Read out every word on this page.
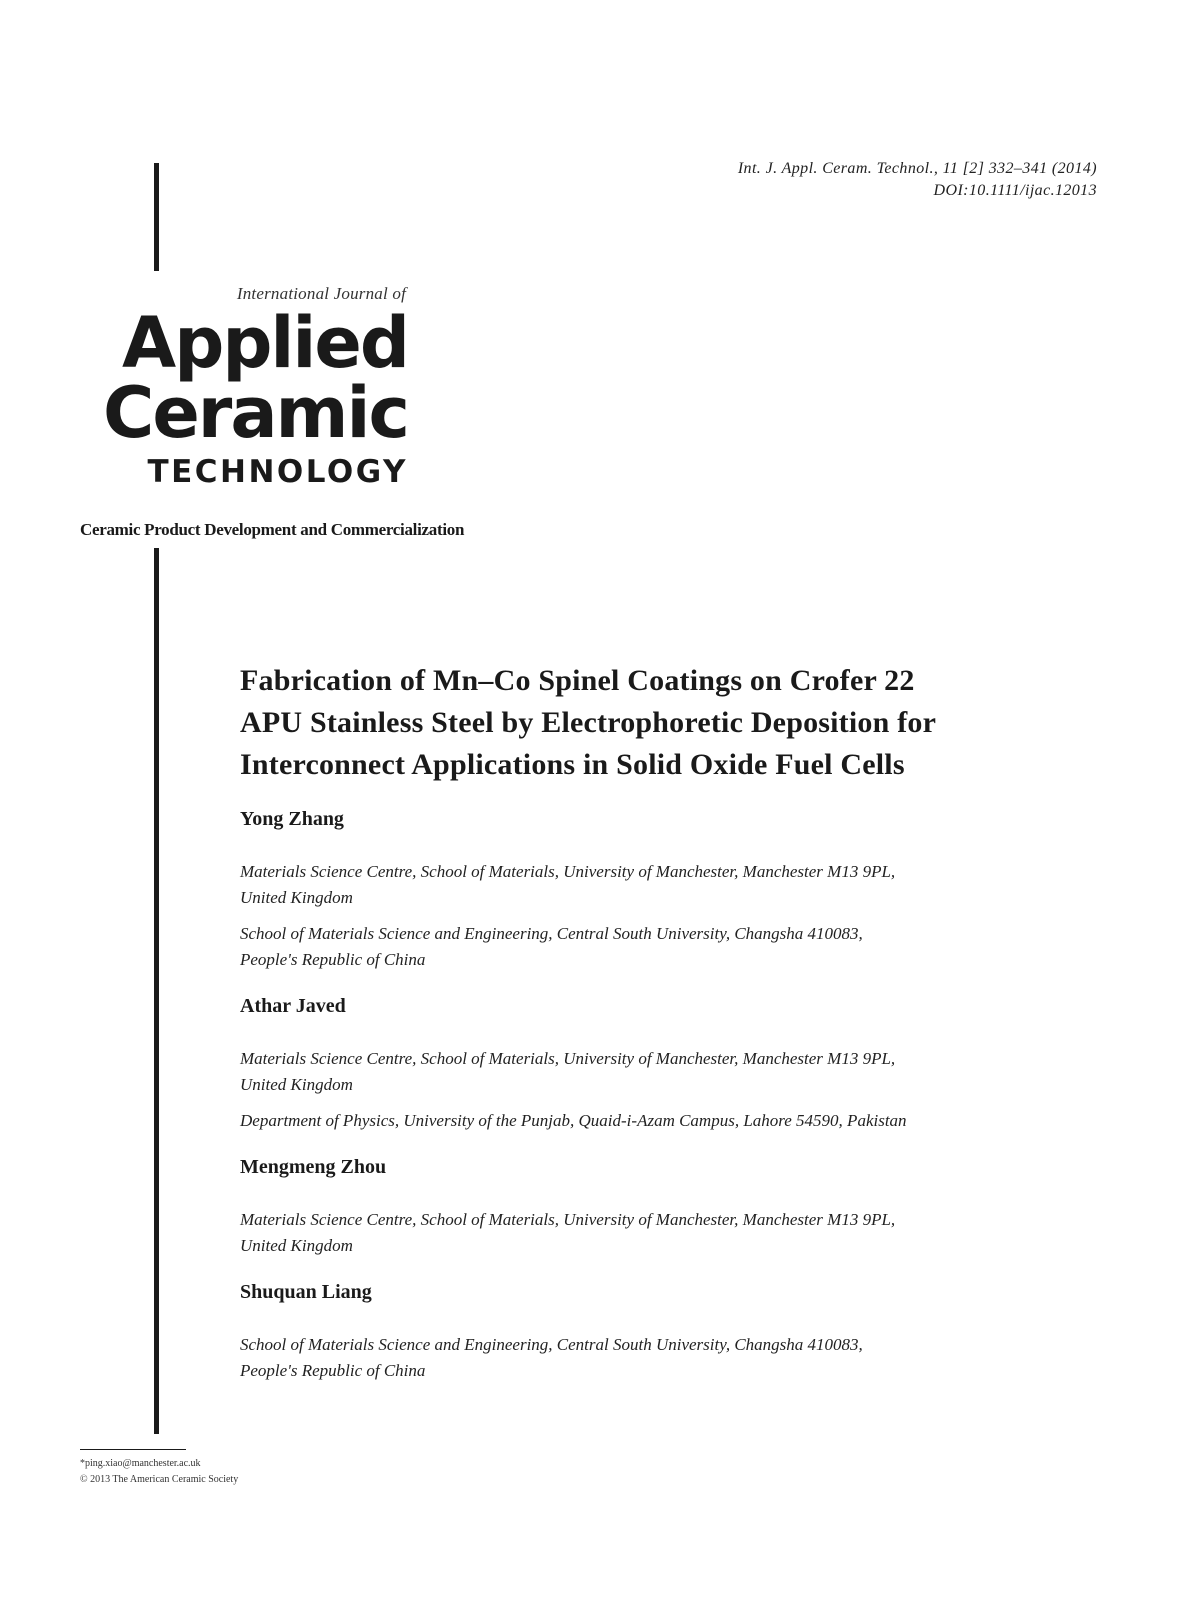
Int. J. Appl. Ceram. Technol., 11 [2] 332–341 (2014)
DOI:10.1111/ijac.12013
International Journal of
Applied
Ceramic
TECHNOLOGY
Ceramic Product Development and Commercialization
Fabrication of Mn–Co Spinel Coatings on Crofer 22
APU Stainless Steel by Electrophoretic Deposition for
Interconnect Applications in Solid Oxide Fuel Cells
Yong Zhang

Materials Science Centre, School of Materials, University of Manchester, Manchester M13 9PL,
United Kingdom

School of Materials Science and Engineering, Central South University, Changsha 410083,
People's Republic of China

Athar Javed

Materials Science Centre, School of Materials, University of Manchester, Manchester M13 9PL,
United Kingdom

Department of Physics, University of the Punjab, Quaid-i-Azam Campus, Lahore 54590, Pakistan

Mengmeng Zhou

Materials Science Centre, School of Materials, University of Manchester, Manchester M13 9PL,
United Kingdom

Shuquan Liang

School of Materials Science and Engineering, Central South University, Changsha 410083,
People's Republic of China

*ping.xiao@manchester.ac.uk
© 2013 The American Ceramic Society
